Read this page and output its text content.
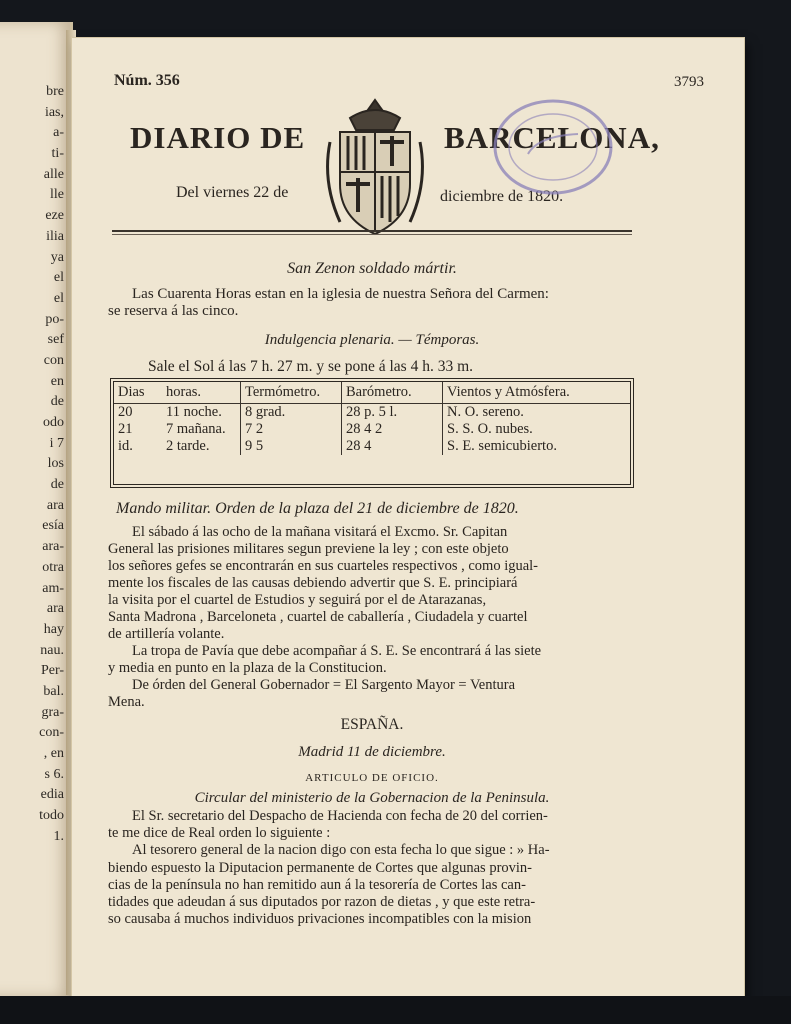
bre
ias,
a-
ti-
alle
lle
eze
ilia
ya
el
el
po-
sef
con
en
de
odo
i 7
los
de
ara
esía
ara-
otra
am-
ara
hay
nau.
Per-
bal.
gra-
con-
, en
s 6.
edia
todo
1.
Núm. 356	3793
DIARIO DE	BARCELONA,
Del viernes 22 de	diciembre de 1820.
San Zenon soldado mártir.
Las Cuarenta Horas estan en la iglesia de nuestra Señora del Carmen:
se reserva á las cinco.
Indulgencia plenaria. — Témporas.
Sale el Sol á las 7 h. 27 m. y se pone á las 4 h. 33 m.
Dias	horas.	Termómetro.	Barómetro.	Vientos y Atmósfera.
20	11 noche.	8 grad.	28 p. 5 l.	N. O. sereno.
21	7 mañana.	7 2	28 4 2	S. S. O. nubes.
id.	2 tarde.	9 5	28 4	S. E. semicubierto.
Mando militar. Orden de la plaza del 21 de diciembre de 1820.
El sábado á las ocho de la mañana visitará el Excmo. Sr. Capitan
General las prisiones militares segun previene la ley ; con este objeto
los señores gefes se encontrarán en sus cuarteles respectivos , como igual-
mente los fiscales de las causas debiendo advertir que S. E. principiará
la visita por el cuartel de Estudios y seguirá por el de Atarazanas,
Santa Madrona , Barceloneta , cuartel de caballería , Ciudadela y cuartel
de artillería volante.
La tropa de Pavía que debe acompañar á S. E. Se encontrará á las siete
y media en punto en la plaza de la Constitucion.
De órden del General Gobernador = El Sargento Mayor = Ventura
Mena.
ESPAÑA.
Madrid 11 de diciembre.
ARTICULO DE OFICIO.
Circular del ministerio de la Gobernacion de la Peninsula.
El Sr. secretario del Despacho de Hacienda con fecha de 20 del corrien-
te me dice de Real orden lo siguiente :
Al tesorero general de la nacion digo con esta fecha lo que sigue : » Ha-
biendo espuesto la Diputacion permanente de Cortes que algunas provin-
cias de la península no han remitido aun á la tesorería de Cortes las can-
tidades que adeudan á sus diputados por razon de dietas , y que este retra-
so causaba á muchos individuos privaciones incompatibles con la mision
